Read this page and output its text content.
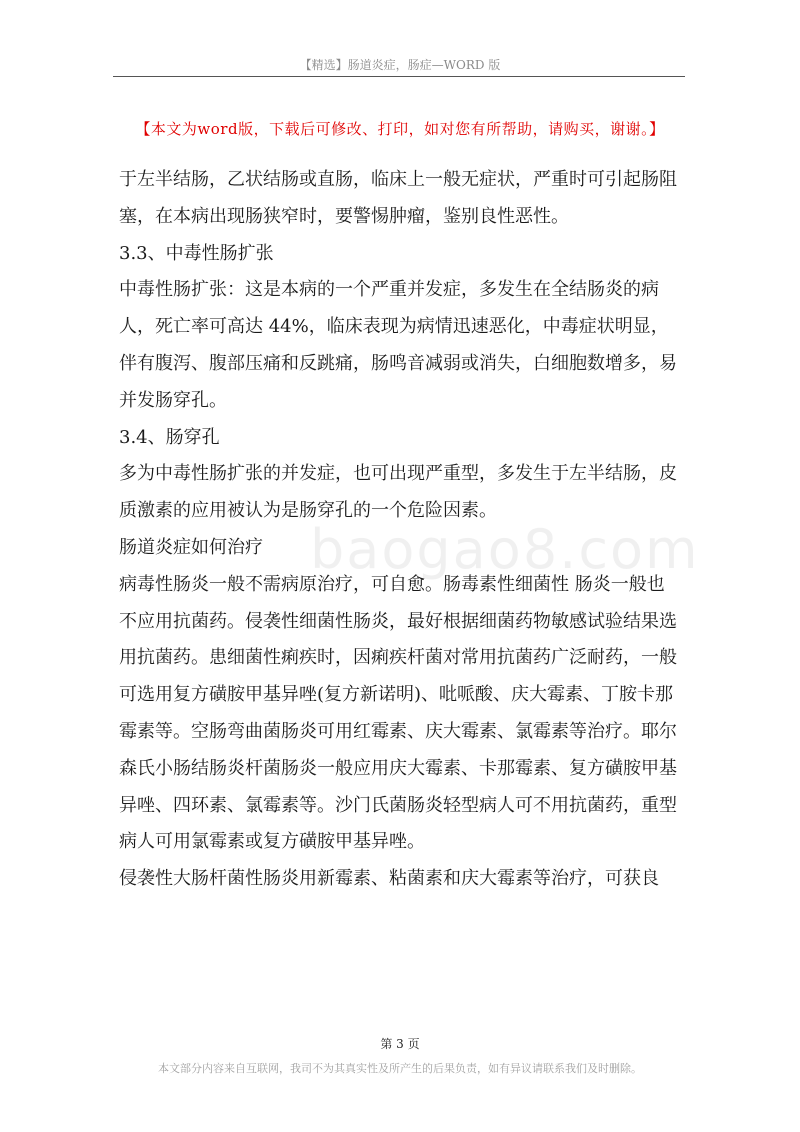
【精选】肠道炎症，肠症—WORD 版
【本文为word版，下载后可修改、打印，如对您有所帮助，请购买，谢谢。】

于左半结肠，乙状结肠或直肠，临床上一般无症状，严重时可引起肠阻塞，在本病出现肠狭窄时，要警惕肿瘤，鉴别良性恶性。

3.3、中毒性肠扩张

中毒性肠扩张：这是本病的一个严重并发症，多发生在全结肠炎的病人，死亡率可高达 44%，临床表现为病情迅速恶化，中毒症状明显，伴有腹泻、腹部压痛和反跳痛，肠鸣音减弱或消失，白细胞数增多，易并发肠穿孔。

3.4、肠穿孔

多为中毒性肠扩张的并发症，也可出现严重型，多发生于左半结肠，皮质激素的应用被认为是肠穿孔的一个危险因素。

肠道炎症如何治疗

病毒性肠炎一般不需病原治疗，可自愈。肠毒素性细菌性 肠炎一般也不应用抗菌药。侵袭性细菌性肠炎，最好根据细菌药物敏感试验结果选用抗菌药。患细菌性痢疾时，因痢疾杆菌对常用抗菌药广泛耐药，一般可选用复方磺胺甲基异唑(复方新诺明)、吡哌酸、庆大霉素、丁胺卡那霉素等。空肠弯曲菌肠炎可用红霉素、庆大霉素、氯霉素等治疗。耶尔森氏小肠结肠炎杆菌肠炎一般应用庆大霉素、卡那霉素、复方磺胺甲基异唑、四环素、氯霉素等。沙门氏菌肠炎轻型病人可不用抗菌药，重型病人可用氯霉素或复方磺胺甲基异唑。

侵袭性大肠杆菌性肠炎用新霉素、粘菌素和庆大霉素等治疗，可获良

baogao8.com
第 3 页
本文部分内容来自互联网，我司不为其真实性及所产生的后果负责，如有异议请联系我们及时删除。
